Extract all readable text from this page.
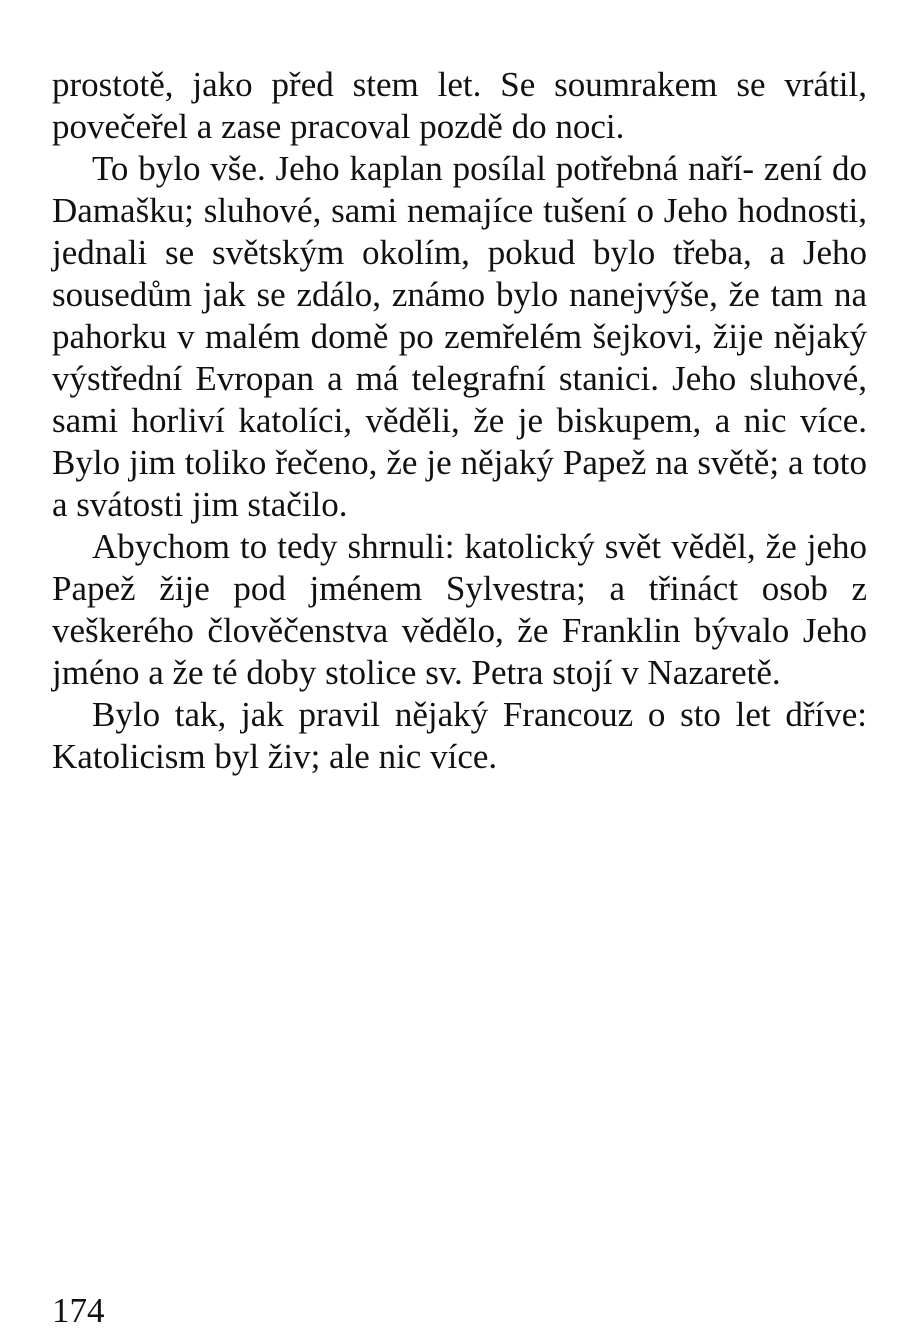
prostotě, jako před stem let. Se soumrakem se vrátil, povečeřel a zase pracoval pozdě do noci.

To bylo vše. Jeho kaplan posílal potřebná naří- zení do Damašku; sluhové, sami nemajíce tušení o Jeho hodnosti, jednali se světským okolím, pokud bylo třeba, a Jeho sousedům jak se zdálo, známo bylo nanejvýše, že tam na pahorku v malém domě po zemřelém šejkovi, žije nějaký výstřední Evropan a má telegrafní stanici. Jeho sluhové, sami horliví katolíci, věděli, že je biskupem, a nic více. Bylo jim toliko řečeno, že je nějaký Papež na světě; a toto a svátosti jim stačilo.

Abychom to tedy shrnuli: katolický svět věděl, že jeho Papež žije pod jménem Sylvestra; a třináct osob z veškerého člověčenstva vědělo, že Franklin bývalo Jeho jméno a že té doby stolice sv. Petra stojí v Nazaretě.

Bylo tak, jak pravil nějaký Francouz o sto let dříve: Katolicism byl živ; ale nic více.

174
